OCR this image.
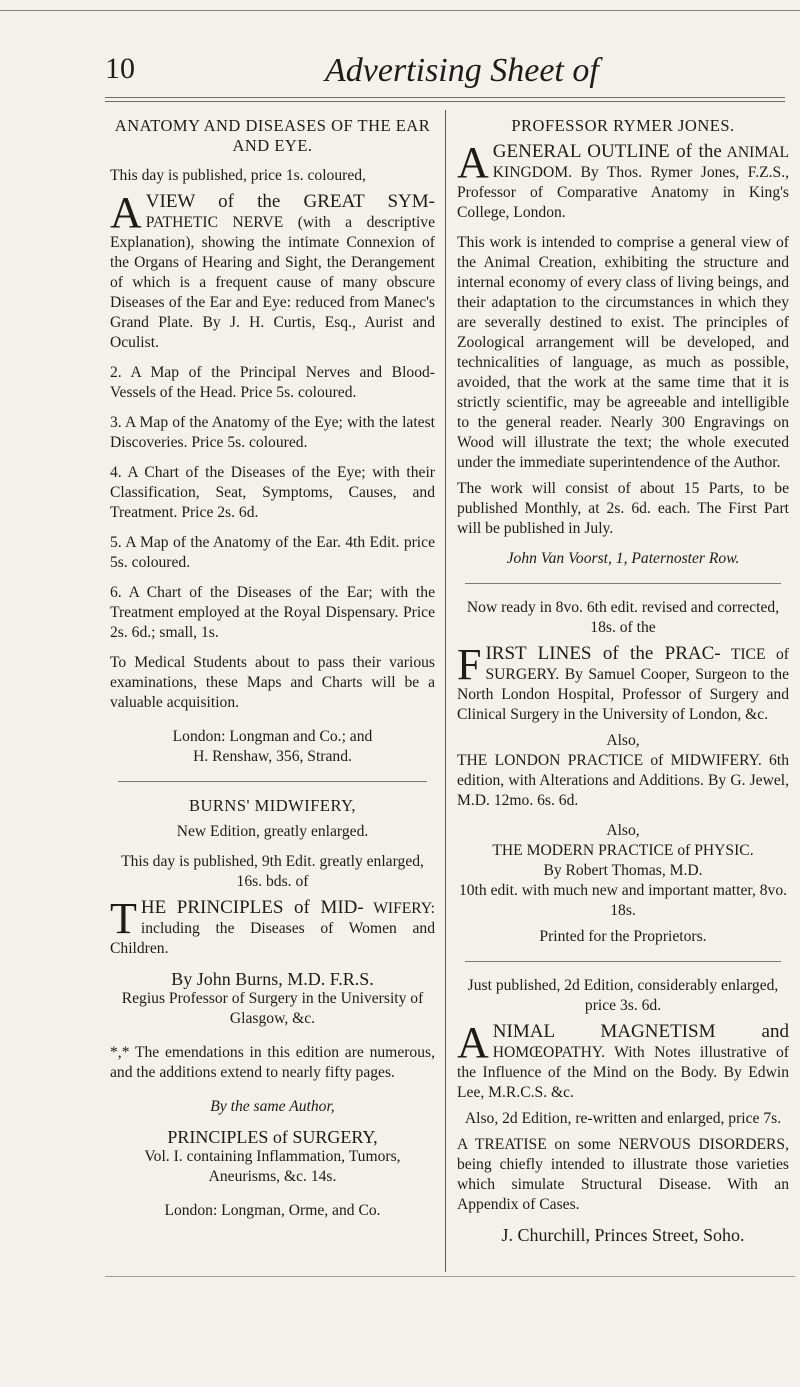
10	Advertising Sheet of

ANATOMY AND DISEASES OF THE EAR AND EYE.

This day is published, price 1s. coloured,

A VIEW of the GREAT SYM- PATHETIC NERVE (with a descriptive Explanation), showing the intimate Connexion of the Organs of Hearing and Sight, the Derangement of which is a frequent cause of many obscure Diseases of the Ear and Eye: reduced from Manec's Grand Plate. By J. H. Curtis, Esq., Aurist and Oculist.

2. A Map of the Principal Nerves and Blood-Vessels of the Head. Price 5s. coloured.

3. A Map of the Anatomy of the Eye; with the latest Discoveries. Price 5s. coloured.

4. A Chart of the Diseases of the Eye; with their Classification, Seat, Symptoms, Causes, and Treatment. Price 2s. 6d.

5. A Map of the Anatomy of the Ear. 4th Edit. price 5s. coloured.

6. A Chart of the Diseases of the Ear; with the Treatment employed at the Royal Dispensary. Price 2s. 6d.; small, 1s.

To Medical Students about to pass their various examinations, these Maps and Charts will be a valuable acquisition.

London: Longman and Co.; and

H. Renshaw, 356, Strand.

BURNS' MIDWIFERY,

New Edition, greatly enlarged.

This day is published, 9th Edit. greatly enlarged, 16s. bds. of

T HE PRINCIPLES of MID- WIFERY: including the Diseases of Women and Children.

By John Burns, M.D. F.R.S.

Regius Professor of Surgery in the University of Glasgow, &c.

*,* The emendations in this edition are numerous, and the additions extend to nearly fifty pages.

By the same Author,

PRINCIPLES of SURGERY,

Vol. I. containing Inflammation, Tumors, Aneurisms, &c. 14s.

London: Longman, Orme, and Co.

PROFESSOR RYMER JONES.

A GENERAL OUTLINE of the ANIMAL KINGDOM. By Thos. Rymer Jones, F.Z.S., Professor of Comparative Anatomy in King's College, London.

This work is intended to comprise a general view of the Animal Creation, exhibiting the structure and internal economy of every class of living beings, and their adaptation to the circumstances in which they are severally destined to exist. The principles of Zoological arrangement will be developed, and technicalities of language, as much as possible, avoided, that the work at the same time that it is strictly scientific, may be agreeable and intelligible to the general reader. Nearly 300 Engravings on Wood will illustrate the text; the whole executed under the immediate superintendence of the Author.

The work will consist of about 15 Parts, to be published Monthly, at 2s. 6d. each. The First Part will be published in July.

John Van Voorst, 1, Paternoster Row.

Now ready in 8vo. 6th edit. revised and corrected, 18s. of the

F IRST LINES of the PRAC- TICE of SURGERY. By Samuel Cooper, Surgeon to the North London Hospital, Professor of Surgery and Clinical Surgery in the University of London, &c.

Also,

THE LONDON PRACTICE of MIDWIFERY. 6th edition, with Alterations and Additions. By G. Jewel, M.D. 12mo. 6s. 6d.

Also,

THE MODERN PRACTICE of PHYSIC.

By Robert Thomas, M.D.

10th edit. with much new and important matter, 8vo. 18s.

Printed for the Proprietors.

Just published, 2d Edition, considerably enlarged, price 3s. 6d.

A NIMAL MAGNETISM and HOMŒOPATHY. With Notes illustrative of the Influence of the Mind on the Body. By Edwin Lee, M.R.C.S. &c.

Also, 2d Edition, re-written and enlarged, price 7s.

A TREATISE on some NERVOUS DISORDERS, being chiefly intended to illustrate those varieties which simulate Structural Disease. With an Appendix of Cases.

J. Churchill, Princes Street, Soho.
